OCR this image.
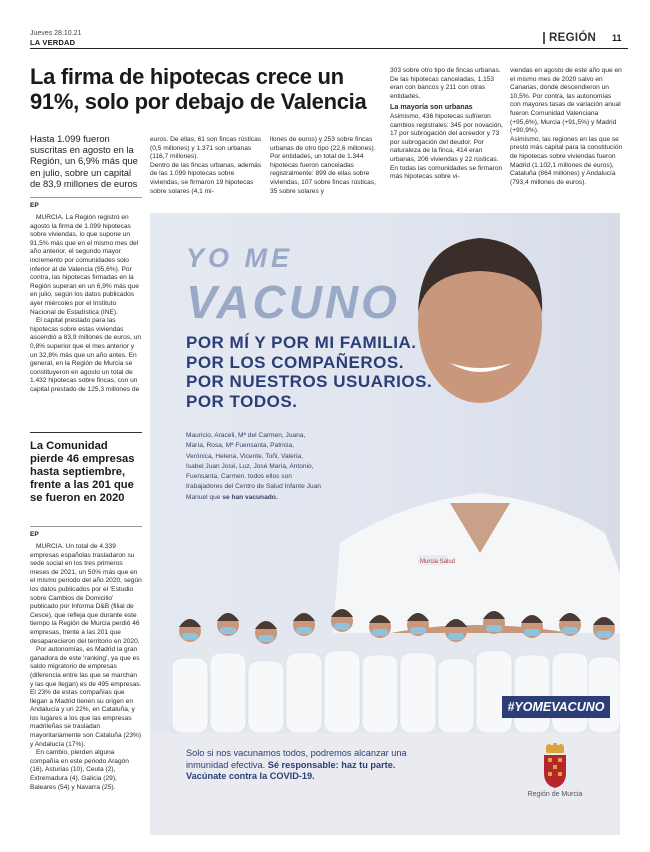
Jueves 28.10.21
LA VERDAD	REGIÓN 11
La firma de hipotecas crece un 91%, solo por debajo de Valencia
Hasta 1.099 fueron suscritas en agosto en la Región, un 6,9% más que en julio, sobre un capital de 83,9 millones de euros
EP

MURCIA. La Región registró en agosto la firma de 1.099 hipotecas sobre viviendas, lo que supone un 91,5% más que en el mismo mes del año anterior, el segundo mayor incremento por comunidades solo inferior al de Valencia (95,6%). Por contra, las hipotecas firmadas en la Región superan en un 6,9% más que en julio, según los datos publicados ayer miércoles por el Instituto Nacional de Estadística (INE).

El capital prestado para las hipotecas sobre estas viviendas ascendió a 83,9 millones de euros, un 0,8% superior que el mes anterior y un 32,8% más que un año antes. En general, en la Región de Murcia se constituyeron en agosto un total de 1.432 hipotecas sobre fincas, con un capital prestado de 125,3 millones de

euros. De ellas, 61 son fincas rústicas (0,5 millones) y 1.371 son urbanas (116,7 millones).
Dentro de las fincas urbanas, además de las 1.099 hipotecas sobre viviendas, se firmaron 19 hipotecas sobre solares (4,1 mi-
llones de euros) y 253 sobre fincas urbanas de otro tipo (22,6 millones). Por entidades, un total de 1.344 hipotecas fueron canceladas registralmente: 899 de ellas sobre viviendas, 107 sobre fincas rústicas, 35 sobre solares y
303 sobre otro tipo de fincas urbanas. De las hipotecas canceladas, 1.153 eran con bancos y 211 con otras entidades.
La mayoría son urbanas
Asimismo, 436 hipotecas sufrieron cambios registrales: 345 por novación, 17 por subrogación del acreedor y 73 por subrogación del deudor. Por naturaleza de la finca, 414 eran urbanas, 206 viviendas y 22 rústicas.
En todas las comunidades se firmaron más hipotecas sobre vi-
viendas en agosto de este año que en el mismo mes de 2020 salvo en Canarias, donde descendieron un 10,5%. Por contra, las autonomías con mayores tasas de variación anual fueron Comunidad Valenciana (+95,6%), Murcia (+91,5%) y Madrid (+90,9%).
Asimismo, las regiones en las que se prestó más capital para la constitución de hipotecas sobre viviendas fueron Madrid (1.102,1 millones de euros), Cataluña (864 millones) y Andalucía (793,4 millones de euros).
La Comunidad pierde 46 empresas hasta septiembre, frente a las 201 que se fueron en 2020
EP

MURCIA. Un total de 4.339 empresas españolas trasladaron su sede social en los tres primeros meses de 2021, un 50% más que en el mismo periodo del año 2020, según los datos publicados por el 'Estudio sobre Cambios de Domicilio' publicado por Informa D&B (filial de Cesce), que refleja que durante este tiempo la Región de Murcia perdió 46 empresas, frente a las 201 que desaparecieron del territorio en 2020.

Por autonomías, es Madrid la gran ganadora de este 'ranking', ya que es saldo migratorio de empresas (diferencia entre las que se marchan y las que llegan) es de 495 empresas. El 23% de estas compañías que llegan a Madrid tienen su origen en Andalucía y un 22%, en Cataluña, y los lugares a los que las empresas madrileñas se trasladan mayoritariamente son Cataluña (23%) y Andalucía (17%).

En cambio, pierden alguna compañía en este periodo Aragón (16), Asturias (10), Ceuta (2), Extremadura (4), Galicia (29), Baleares (54) y Navarra (25).

Murcia Salud
YO ME
VACUNO
POR MÍ Y POR MI FAMILIA.
POR LOS COMPAÑEROS.
POR NUESTROS USUARIOS.
POR TODOS.
Mauricio, Araceli, Mª del Carmen, Juana, María, Rosa, Mª Fuensanta, Patricia, Verónica, Helena, Vicente, Toñi, Valeria, Isabel Juan José, Luz, José María, Antonio, Fuensanta, Carmen. todos ellos son trabajadores del Centro de Salud Infante Juan Manuel que se han vacunado.
#YOMEVACUNO
Solo si nos vacunamos todos, podremos alcanzar una inmunidad efectiva. Sé responsable: haz tu parte.
Vacúnate contra la COVID-19.
Región de Murcia
